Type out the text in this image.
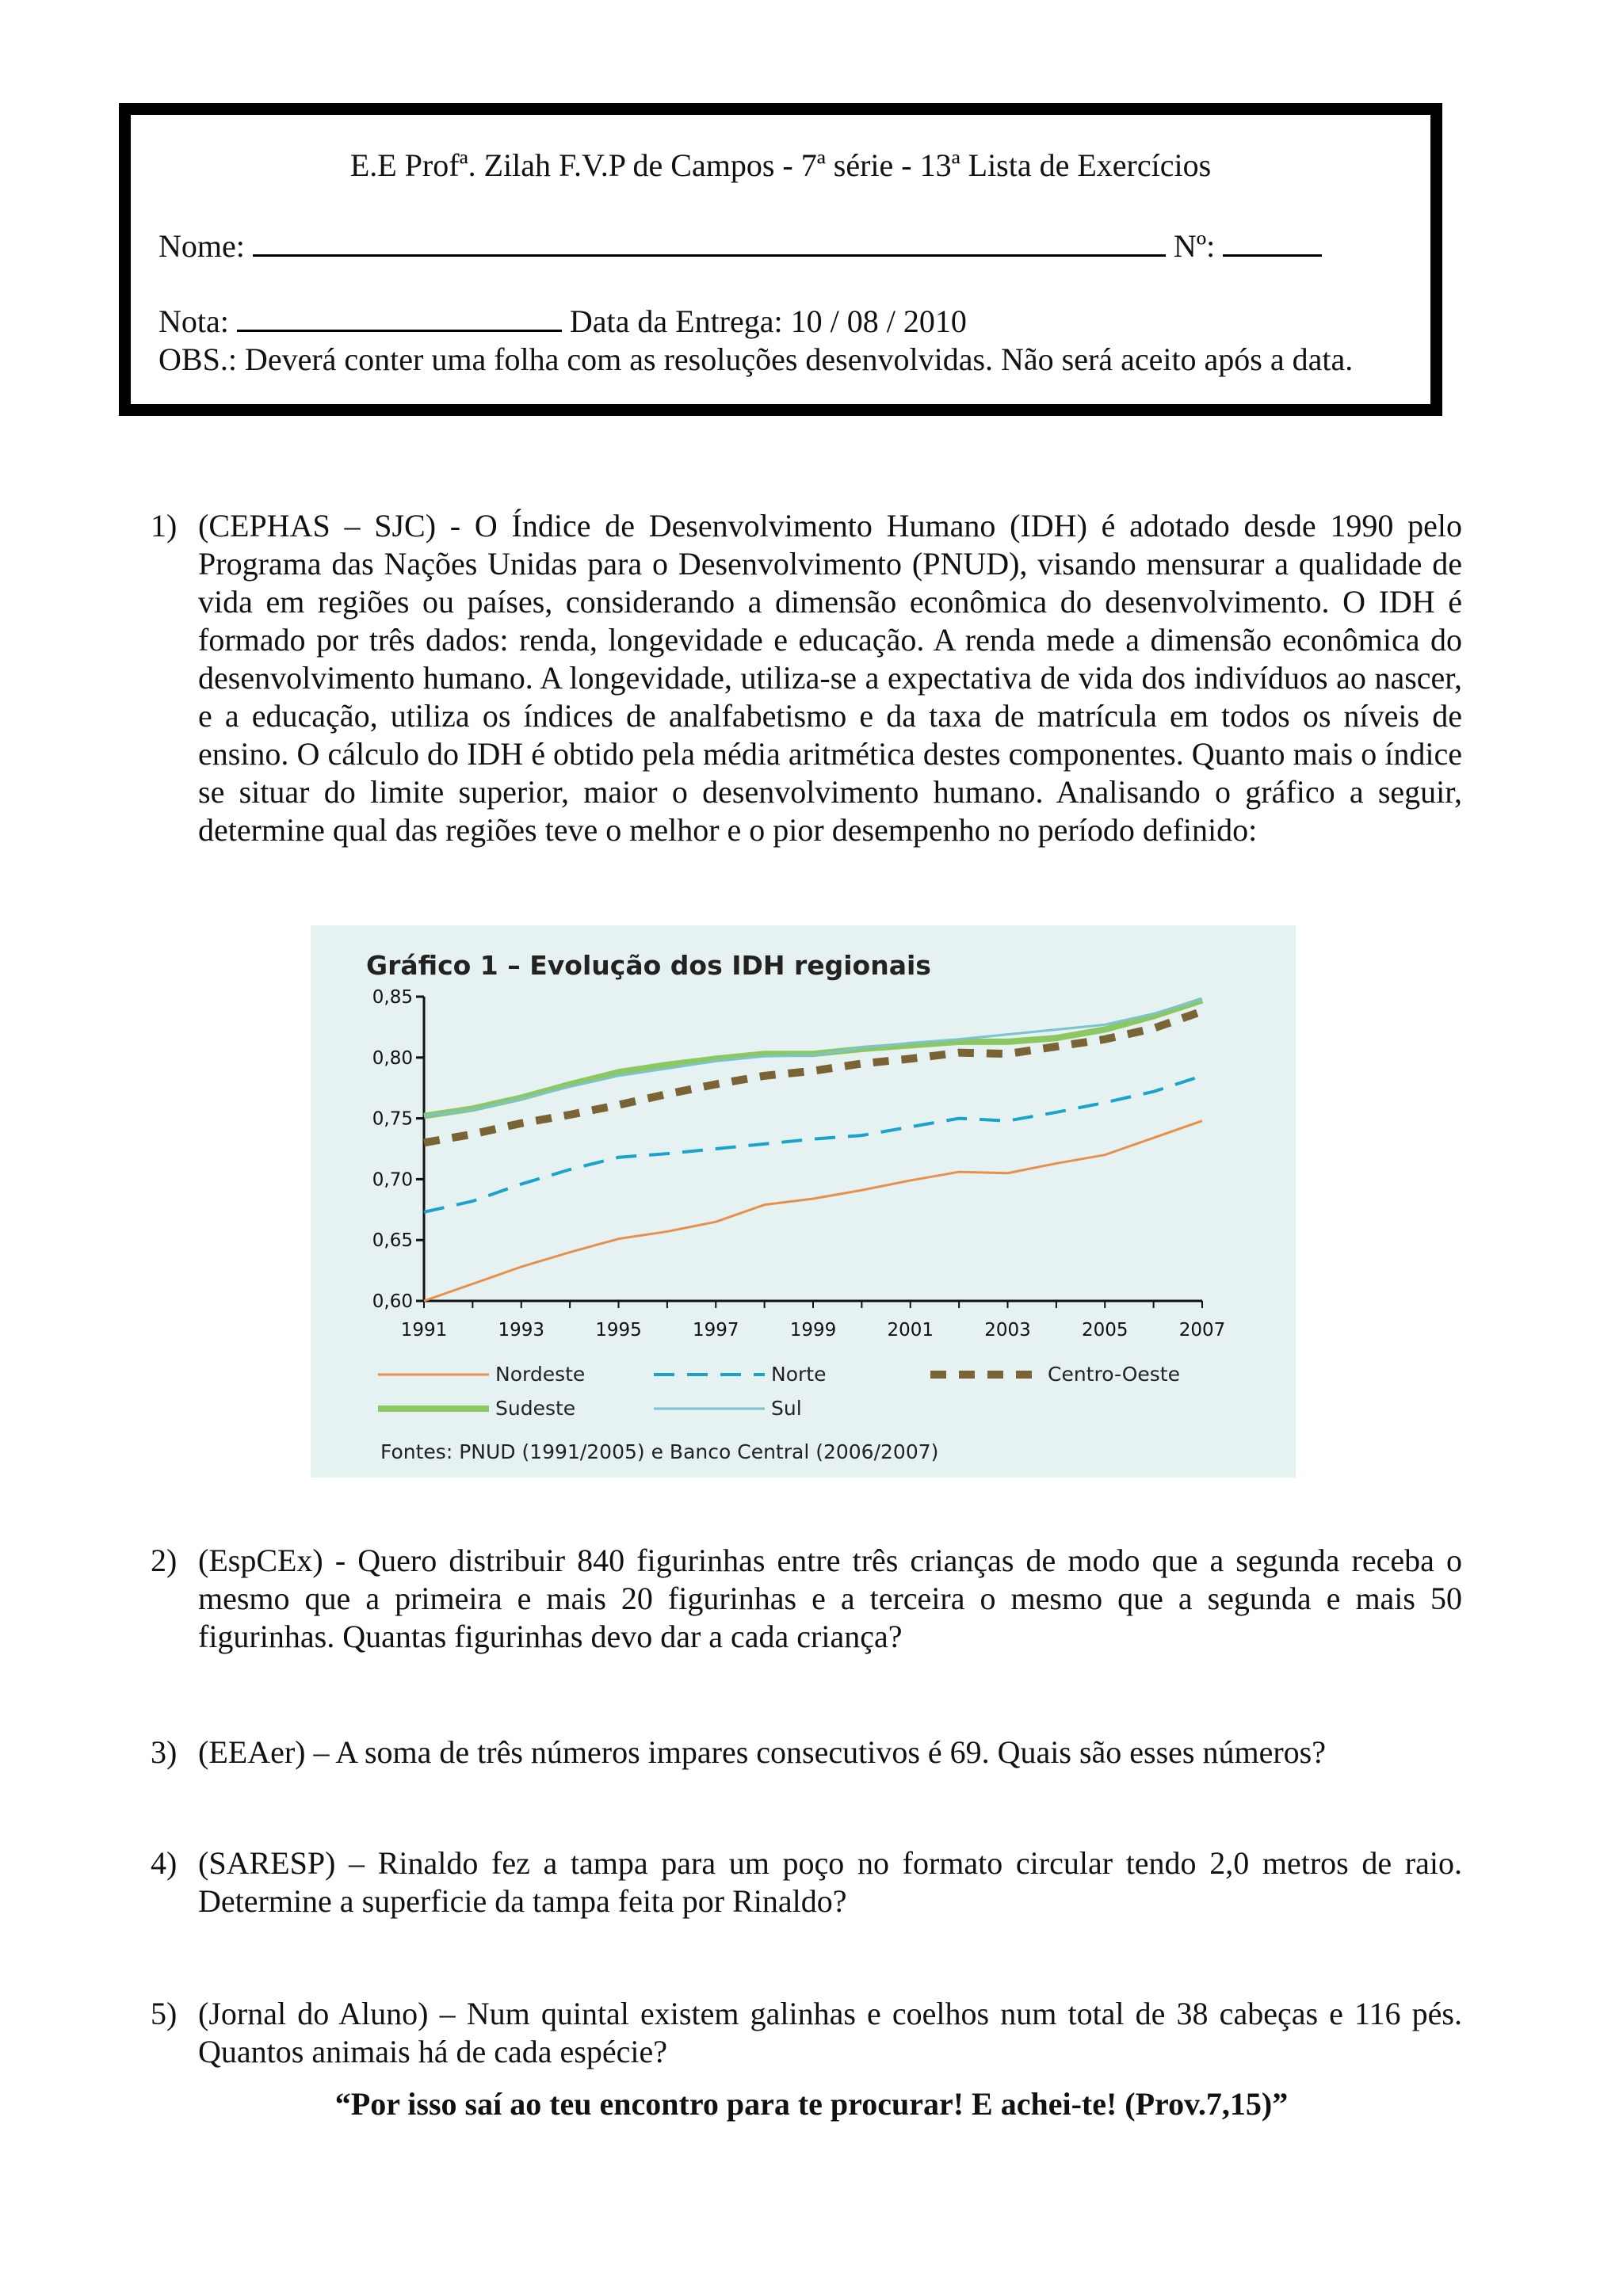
E.E Profª. Zilah F.V.P de Campos - 7ª série - 13ª Lista de Exercícios
Nome:	Nº:
Nota:	Data da Entrega: 10 / 08 / 2010
OBS.: Deverá conter uma folha com as resoluções desenvolvidas. Não será aceito após a data.
1) (CEPHAS – SJC) - O Índice de Desenvolvimento Humano (IDH) é adotado desde 1990 pelo Programa das Nações Unidas para o Desenvolvimento (PNUD), visando mensurar a qualidade de vida em regiões ou países, considerando a dimensão econômica do desenvolvimento. O IDH é formado por três dados: renda, longevidade e educação. A renda mede a dimensão econômica do desenvolvimento humano. A longevidade, utiliza-se a expectativa de vida dos indivíduos ao nascer, e a educação, utiliza os índices de analfabetismo e da taxa de matrícula em todos os níveis de ensino. O cálculo do IDH é obtido pela média aritmética destes componentes. Quanto mais o índice se situar do limite superior, maior o desenvolvimento humano. Analisando o gráfico a seguir, determine qual das regiões teve o melhor e o pior desempenho no período definido:
Gráfico 1 – Evolução dos IDH regionais
0,60
0,65
0,70
0,75
0,80
0,85
1991	1993	1995	1997	1999	2001	2003	2005	2007
Nordeste	Norte	Centro-Oeste
Sudeste	Sul
Fontes: PNUD (1991/2005) e Banco Central (2006/2007)
2) (EspCEx) - Quero distribuir 840 figurinhas entre três crianças de modo que a segunda receba o mesmo que a primeira e mais 20 figurinhas e a terceira o mesmo que a segunda e mais 50 figurinhas. Quantas figurinhas devo dar a cada criança?
3) (EEAer) – A soma de três números impares consecutivos é 69. Quais são esses números?
4) (SARESP) – Rinaldo fez a tampa para um poço no formato circular tendo 2,0 metros de raio. Determine a superficie da tampa feita por Rinaldo?
5) (Jornal do Aluno) – Num quintal existem galinhas e coelhos num total de 38 cabeças e 116 pés. Quantos animais há de cada espécie?
“Por isso saí ao teu encontro para te procurar! E achei-te! (Prov.7,15)”
